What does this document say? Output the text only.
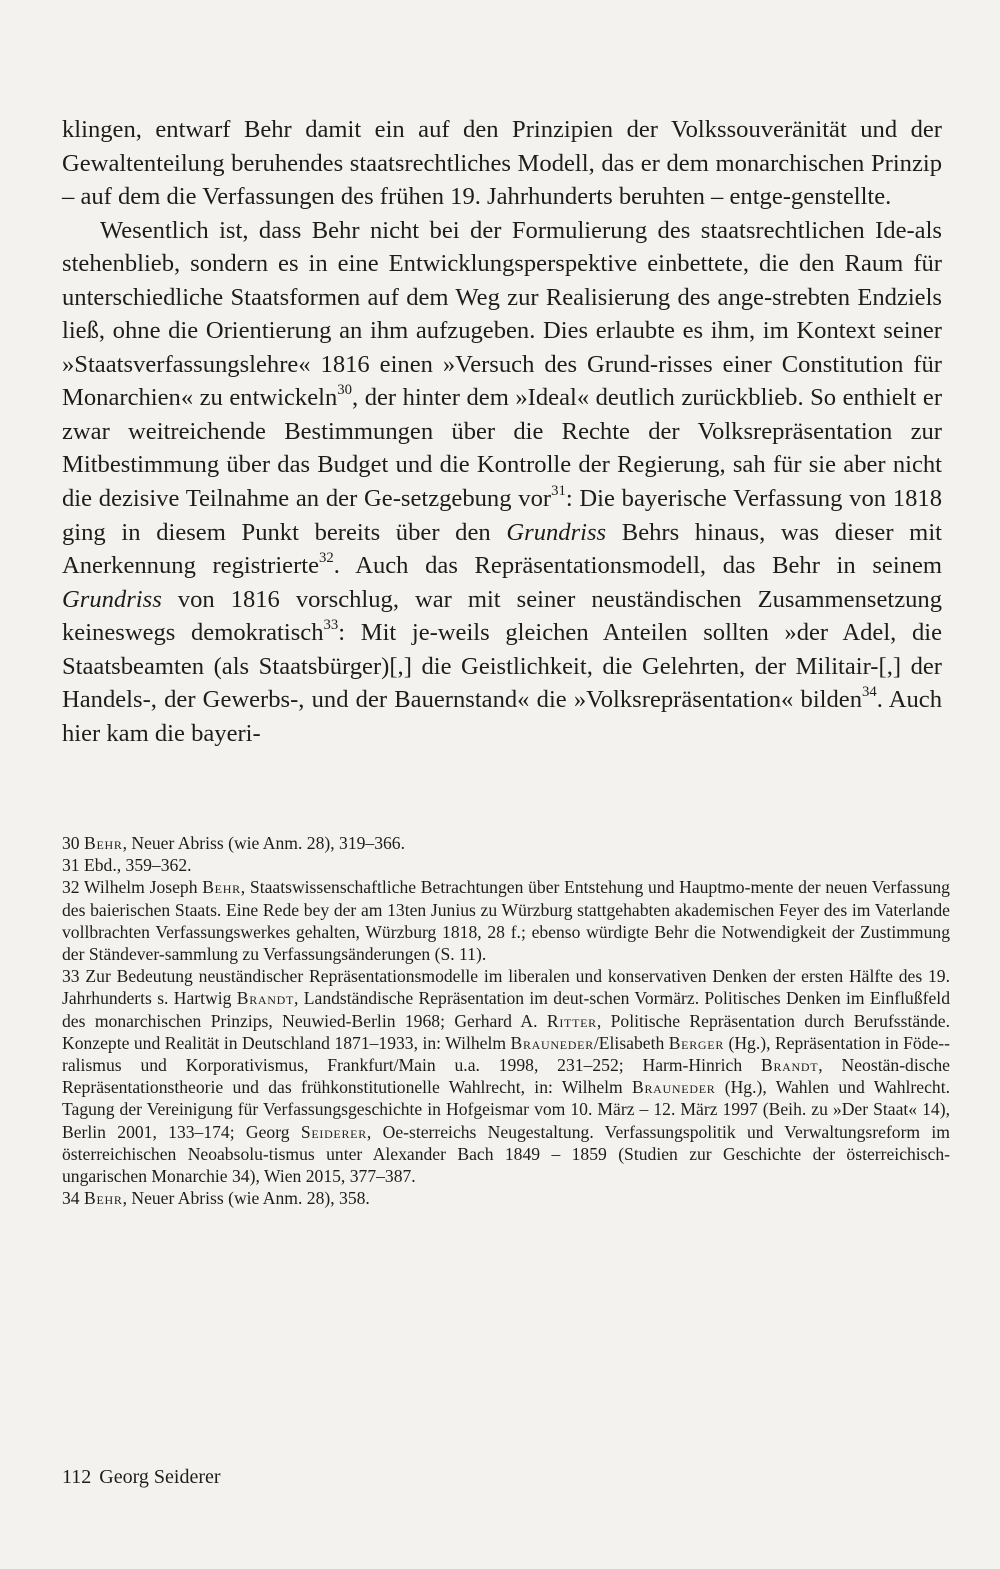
klingen, entwarf Behr damit ein auf den Prinzipien der Volkssouveränität und der Gewaltenteilung beruhendes staatsrechtliches Modell, das er dem monarchischen Prinzip – auf dem die Verfassungen des frühen 19. Jahrhunderts beruhten – entge-genstellte.

Wesentlich ist, dass Behr nicht bei der Formulierung des staatsrechtlichen Ide-als stehenblieb, sondern es in eine Entwicklungsperspektive einbettete, die den Raum für unterschiedliche Staatsformen auf dem Weg zur Realisierung des ange-strebten Endziels ließ, ohne die Orientierung an ihm aufzugeben. Dies erlaubte es ihm, im Kontext seiner »Staatsverfassungslehre« 1816 einen »Versuch des Grund-risses einer Constitution für Monarchien« zu entwickeln$^{30}$, der hinter dem »Ideal« deutlich zurückblieb. So enthielt er zwar weitreichende Bestimmungen über die Rechte der Volksrepräsentation zur Mitbestimmung über das Budget und die Kontrolle der Regierung, sah für sie aber nicht die dezisive Teilnahme an der Ge-setzgebung vor$^{31}$: Die bayerische Verfassung von 1818 ging in diesem Punkt bereits über den Grundriss Behrs hinaus, was dieser mit Anerkennung registrierte$^{32}$. Auch das Repräsentationsmodell, das Behr in seinem Grundriss von 1816 vorschlug, war mit seiner neuständischen Zusammensetzung keineswegs demokratisch$^{33}$: Mit je-weils gleichen Anteilen sollten »der Adel, die Staatsbeamten (als Staatsbürger)[,] die Geistlichkeit, die Gelehrten, der Militair-[,] der Handels-, der Gewerbs-, und der Bauernstand« die »Volksrepräsentation« bilden$^{34}$. Auch hier kam die bayeri-

30 Behr, Neuer Abriss (wie Anm. 28), 319–366.

31 Ebd., 359–362.

32 Wilhelm Joseph Behr, Staatswissenschaftliche Betrachtungen über Entstehung und Hauptmo-mente der neuen Verfassung des baierischen Staats. Eine Rede bey der am 13ten Junius zu Würzburg stattgehabten akademischen Feyer des im Vaterlande vollbrachten Verfassungswerkes gehalten, Würzburg 1818, 28 f.; ebenso würdigte Behr die Notwendigkeit der Zustimmung der Ständever-sammlung zu Verfassungsänderungen (S. 11).

33 Zur Bedeutung neuständischer Repräsentationsmodelle im liberalen und konservativen Denken der ersten Hälfte des 19. Jahrhunderts s. Hartwig Brandt, Landständische Repräsentation im deut-schen Vormärz. Politisches Denken im Einflußfeld des monarchischen Prinzips, Neuwied-Berlin 1968; Gerhard A. Ritter, Politische Repräsentation durch Berufsstände. Konzepte und Realität in Deutschland 1871–1933, in: Wilhelm Brauneder/Elisabeth Berger (Hg.), Repräsentation in Föde-ralismus und Korporativismus, Frankfurt/Main u.a. 1998, 231–252; Harm-Hinrich Brandt, Neostän-dische Repräsentationstheorie und das frühkonstitutionelle Wahlrecht, in: Wilhelm Brauneder (Hg.), Wahlen und Wahlrecht. Tagung der Vereinigung für Verfassungsgeschichte in Hofgeismar vom 10. März – 12. März 1997 (Beih. zu »Der Staat« 14), Berlin 2001, 133–174; Georg Seiderer, Oe-sterreichs Neugestaltung. Verfassungspolitik und Verwaltungsreform im österreichischen Neoabsolu-tismus unter Alexander Bach 1849 – 1859 (Studien zur Geschichte der österreichisch-ungarischen Monarchie 34), Wien 2015, 377–387.

34 Behr, Neuer Abriss (wie Anm. 28), 358.

112 Georg Seiderer
